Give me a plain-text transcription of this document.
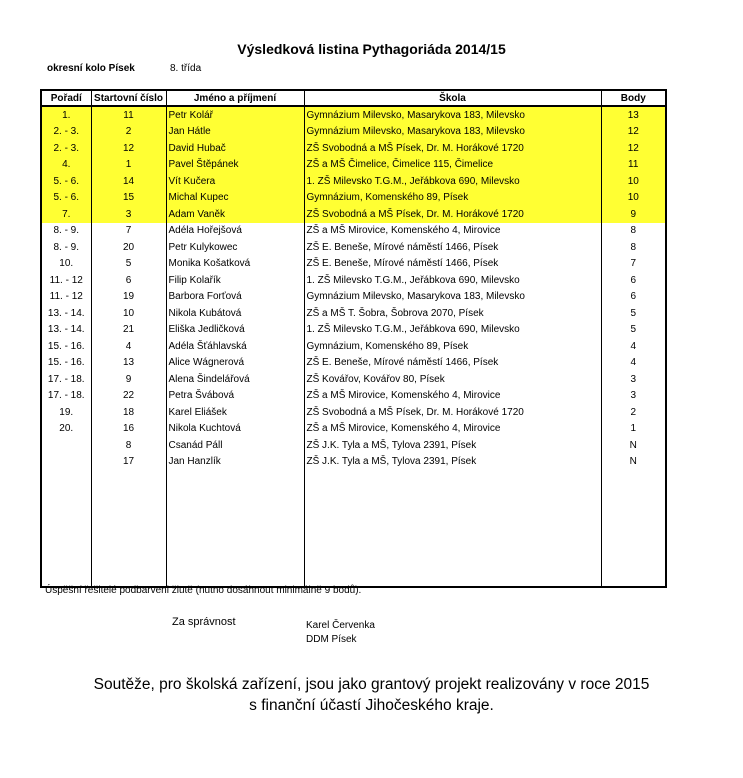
Výsledková listina Pythagoriáda 2014/15
okresní kolo Písek	8. třída
Pořadí	Startovní číslo	Jméno a příjmení	Škola	Body
1.	11	Petr Kolář	Gymnázium Milevsko, Masarykova 183, Milevsko	13
2. - 3.	2	Jan Hátle	Gymnázium Milevsko, Masarykova 183, Milevsko	12
2. - 3.	12	David Hubač	ZŠ Svobodná a MŠ Písek, Dr. M. Horákové 1720	12
4.	1	Pavel Štěpánek	ZŠ a MŠ Čimelice, Čimelice 115, Čimelice	11
5. - 6.	14	Vít Kučera	1. ZŠ Milevsko T.G.M., Jeřábkova 690, Milevsko	10
5. - 6.	15	Michal Kupec	Gymnázium, Komenského 89, Písek	10
7.	3	Adam Vaněk	ZŠ Svobodná a MŠ Písek, Dr. M. Horákové 1720	9
8. - 9.	7	Adéla Hořejšová	ZŠ a MŠ Mirovice, Komenského 4, Mirovice	8
8. - 9.	20	Petr Kulykowec	ZŠ E. Beneše, Mírové náměstí 1466, Písek	8
10.	5	Monika Košatková	ZŠ E. Beneše, Mírové náměstí 1466, Písek	7
11. - 12	6	Filip Kolařík	1. ZŠ Milevsko T.G.M., Jeřábkova 690, Milevsko	6
11. - 12	19	Barbora Forťová	Gymnázium Milevsko, Masarykova 183, Milevsko	6
13. - 14.	10	Nikola Kubátová	ZŠ a MŠ T. Šobra, Šobrova 2070, Písek	5
13. - 14.	21	Eliška Jedličková	1. ZŠ Milevsko T.G.M., Jeřábkova 690, Milevsko	5
15. - 16.	4	Adéla Šťáhlavská	Gymnázium, Komenského 89, Písek	4
15. - 16.	13	Alice Wágnerová	ZŠ E. Beneše, Mírové náměstí 1466, Písek	4
17. - 18.	9	Alena Šindelářová	ZŠ Kovářov, Kovářov 80, Písek	3
17. - 18.	22	Petra Švábová	ZŠ a MŠ Mirovice, Komenského 4, Mirovice	3
19.	18	Karel Eliášek	ZŠ Svobodná a MŠ Písek, Dr. M. Horákové 1720	2
20.	16	Nikola Kuchtová	ZŠ a MŠ Mirovice, Komenského 4, Mirovice	1
	8	Csanád Páll	ZŠ J.K. Tyla a MŠ, Tylova 2391, Písek	N
	17	Jan Hanzlík	ZŠ J.K. Tyla a MŠ, Tylova 2391, Písek	N

Úspěšní řešitelé podbarveni žlutě (nutno dosáhnout minimálně 9 bodů).
Za správnost	Karel Červenka
DDM Písek
Soutěže, pro školská zařízení, jsou jako grantový projekt realizovány v roce 2015
s finanční účastí Jihočeského kraje.
